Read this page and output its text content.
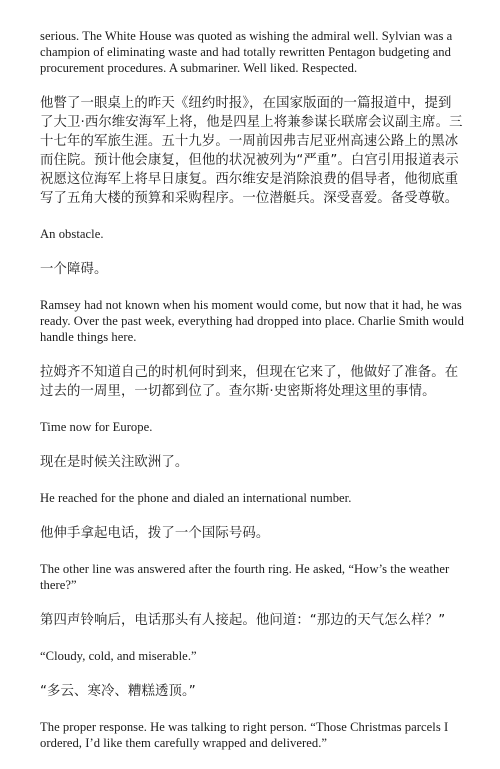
serious. The White House was quoted as wishing the admiral well. Sylvian was a champion of eliminating waste and had totally rewritten Pentagon budgeting and procurement procedures. A submariner. Well liked. Respected.

他瞥了一眼桌上的昨天《纽约时报》，在国家版面的一篇报道中，提到了大卫·西尔维安海军上将，他是四星上将兼参谋长联席会议副主席。三十七年的军旅生涯。五十九岁。一周前因弗吉尼亚州高速公路上的黑冰而住院。预计他会康复，但他的状况被列为“严重”。白宫引用报道表示祝愿这位海军上将早日康复。西尔维安是消除浪费的倡导者，他彻底重写了五角大楼的预算和采购程序。一位潜艇兵。深受喜爱。备受尊敬。

An obstacle.

一个障碍。

Ramsey had not known when his moment would come, but now that it had, he was ready. Over the past week, everything had dropped into place. Charlie Smith would handle things here.

拉姆齐不知道自己的时机何时到来，但现在它来了，他做好了准备。在过去的一周里，一切都到位了。查尔斯·史密斯将处理这里的事情。

Time now for Europe.

现在是时候关注欧洲了。

He reached for the phone and dialed an international number.

他伸手拿起电话，拨了一个国际号码。

The other line was answered after the fourth ring. He asked, “How’s the weather there?”

第四声铃响后，电话那头有人接起。他问道：“那边的天气怎么样？”

“Cloudy, cold, and miserable.”

“多云、寒冷、糟糕透顶。”

The proper response. He was talking to right person. “Those Christmas parcels I ordered, I’d like them carefully wrapped and delivered.”
